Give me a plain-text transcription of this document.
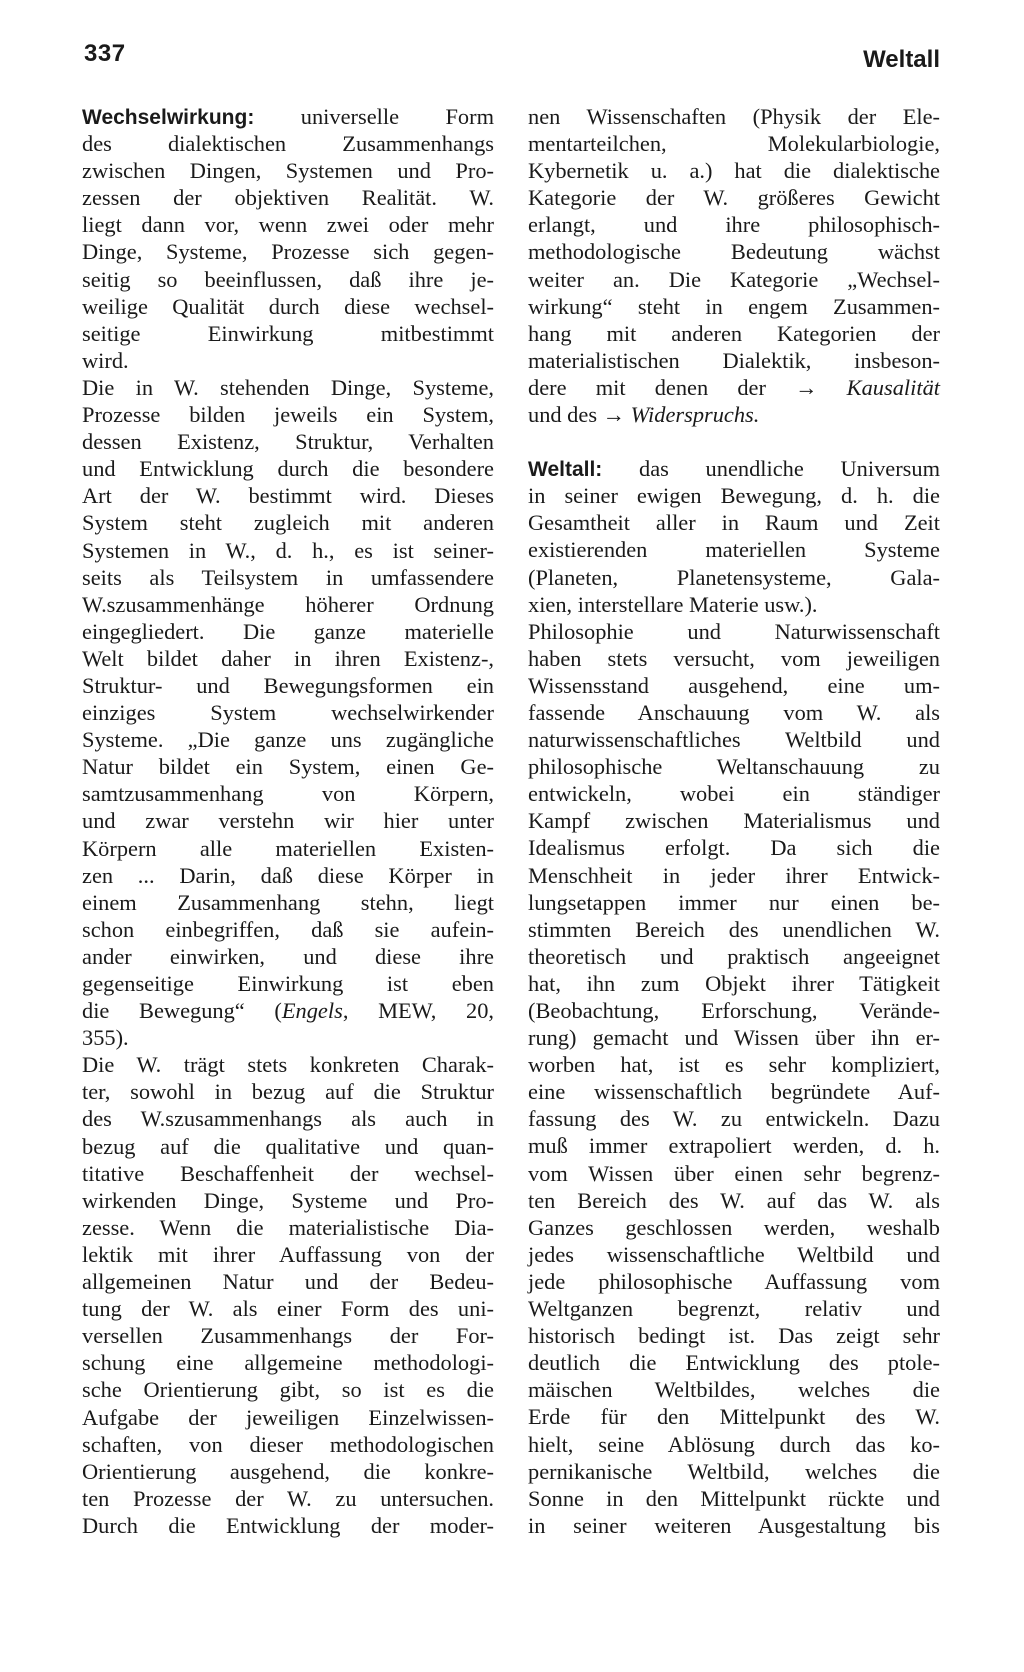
337	Weltall
Wechselwirkung: universelle Form
des dialektischen Zusammenhangs
zwischen Dingen, Systemen und Pro-
zessen der objektiven Realität. W.
liegt dann vor, wenn zwei oder mehr
Dinge, Systeme, Prozesse sich gegen-
seitig so beeinflussen, daß ihre je-
weilige Qualität durch diese wechsel-
seitige Einwirkung mitbestimmt
wird.
Die in W. stehenden Dinge, Systeme,
Prozesse bilden jeweils ein System,
dessen Existenz, Struktur, Verhalten
und Entwicklung durch die besondere
Art der W. bestimmt wird. Dieses
System steht zugleich mit anderen
Systemen in W., d. h., es ist seiner-
seits als Teilsystem in umfassendere
W.szusammenhänge höherer Ordnung
eingegliedert. Die ganze materielle
Welt bildet daher in ihren Existenz-,
Struktur- und Bewegungsformen ein
einziges System wechselwirkender
Systeme. „Die ganze uns zugängliche
Natur bildet ein System, einen Ge-
samtzusammenhang von Körpern,
und zwar verstehn wir hier unter
Körpern alle materiellen Existen-
zen ... Darin, daß diese Körper in
einem Zusammenhang stehn, liegt
schon einbegriffen, daß sie aufein-
ander einwirken, und diese ihre
gegenseitige Einwirkung ist eben
die Bewegung“ (Engels, MEW, 20,
355).
Die W. trägt stets konkreten Charak-
ter, sowohl in bezug auf die Struktur
des W.szusammenhangs als auch in
bezug auf die qualitative und quan-
titative Beschaffenheit der wechsel-
wirkenden Dinge, Systeme und Pro-
zesse. Wenn die materialistische Dia-
lektik mit ihrer Auffassung von der
allgemeinen Natur und der Bedeu-
tung der W. als einer Form des uni-
versellen Zusammenhangs der For-
schung eine allgemeine methodologi-
sche Orientierung gibt, so ist es die
Aufgabe der jeweiligen Einzelwissen-
schaften, von dieser methodologischen
Orientierung ausgehend, die konkre-
ten Prozesse der W. zu untersuchen.
Durch die Entwicklung der moder-
nen Wissenschaften (Physik der Ele-
mentarteilchen, Molekularbiologie,
Kybernetik u. a.) hat die dialektische
Kategorie der W. größeres Gewicht
erlangt, und ihre philosophisch-
methodologische Bedeutung wächst
weiter an. Die Kategorie „Wechsel-
wirkung“ steht in engem Zusammen-
hang mit anderen Kategorien der
materialistischen Dialektik, insbeson-
dere mit denen der → Kausalität
und des → Widerspruchs.
Weltall: das unendliche Universum
in seiner ewigen Bewegung, d. h. die
Gesamtheit aller in Raum und Zeit
existierenden materiellen Systeme
(Planeten, Planetensysteme, Gala-
xien, interstellare Materie usw.).
Philosophie und Naturwissenschaft
haben stets versucht, vom jeweiligen
Wissensstand ausgehend, eine um-
fassende Anschauung vom W. als
naturwissenschaftliches Weltbild und
philosophische Weltanschauung zu
entwickeln, wobei ein ständiger
Kampf zwischen Materialismus und
Idealismus erfolgt. Da sich die
Menschheit in jeder ihrer Entwick-
lungsetappen immer nur einen be-
stimmten Bereich des unendlichen W.
theoretisch und praktisch angeeignet
hat, ihn zum Objekt ihrer Tätigkeit
(Beobachtung, Erforschung, Verände-
rung) gemacht und Wissen über ihn er-
worben hat, ist es sehr kompliziert,
eine wissenschaftlich begründete Auf-
fassung des W. zu entwickeln. Dazu
muß immer extrapoliert werden, d. h.
vom Wissen über einen sehr begrenz-
ten Bereich des W. auf das W. als
Ganzes geschlossen werden, weshalb
jedes wissenschaftliche Weltbild und
jede philosophische Auffassung vom
Weltganzen begrenzt, relativ und
historisch bedingt ist. Das zeigt sehr
deutlich die Entwicklung des ptole-
mäischen Weltbildes, welches die
Erde für den Mittelpunkt des W.
hielt, seine Ablösung durch das ko-
pernikanische Weltbild, welches die
Sonne in den Mittelpunkt rückte und
in seiner weiteren Ausgestaltung bis
